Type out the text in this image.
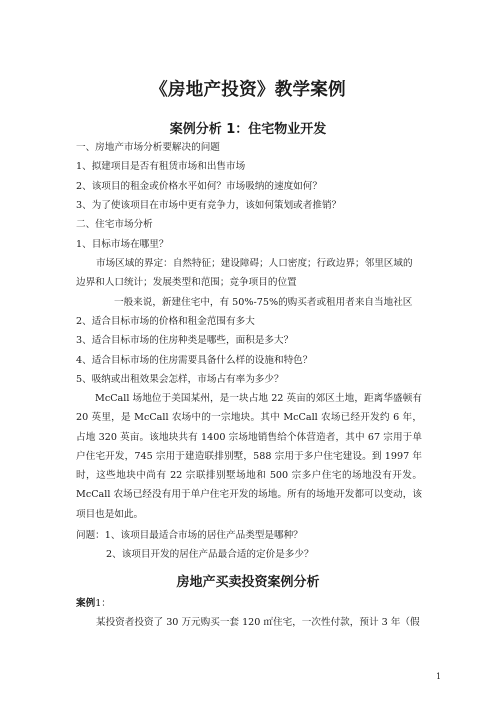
《房地产投资》教学案例
案例分析 1：住宅物业开发
一、房地产市场分析要解决的问题
1、拟建项目是否有租赁市场和出售市场
2、该项目的租金或价格水平如何？市场吸纳的速度如何？
3、为了使该项目在市场中更有竞争力，该如何策划或者推销？
二、住宅市场分析
1、目标市场在哪里？
市场区域的界定：自然特征；建设障碍；人口密度；行政边界；邻里区域的
边界和人口统计；发展类型和范围；竞争项目的位置
一般来说，新建住宅中，有 50%-75%的购买者或租用者来自当地社区
2、适合目标市场的价格和租金范围有多大
3、适合目标市场的住房种类是哪些，面积是多大？
4、适合目标市场的住房需要具备什么样的设施和特色？
5、吸纳或出租效果会怎样，市场占有率为多少？
McCall 场地位于美国某州，是一块占地 22 英亩的郊区土地，距离华盛顿有 20 英里，是 McCall 农场中的一宗地块。其中 McCall 农场已经开发约 6 年，占地 320 英亩。该地块共有 1400 宗场地销售给个体营造者，其中 67 宗用于单户住宅开发，745 宗用于建造联排别墅，588 宗用于多户住宅建设。到 1997 年时，这些地块中尚有 22 宗联排别墅场地和 500 宗多户住宅的场地没有开发。McCall 农场已经没有用于单户住宅开发的场地。所有的场地开发都可以变动，该项目也是如此。
问题：1、该项目最适合市场的居住产品类型是哪种？
2、该项目开发的居住产品最合适的定价是多少？
房地产买卖投资案例分析
案例1：
某投资者投资了 30 万元购买一套 120 ㎡住宅，一次性付款，预计 3 年（假
1
